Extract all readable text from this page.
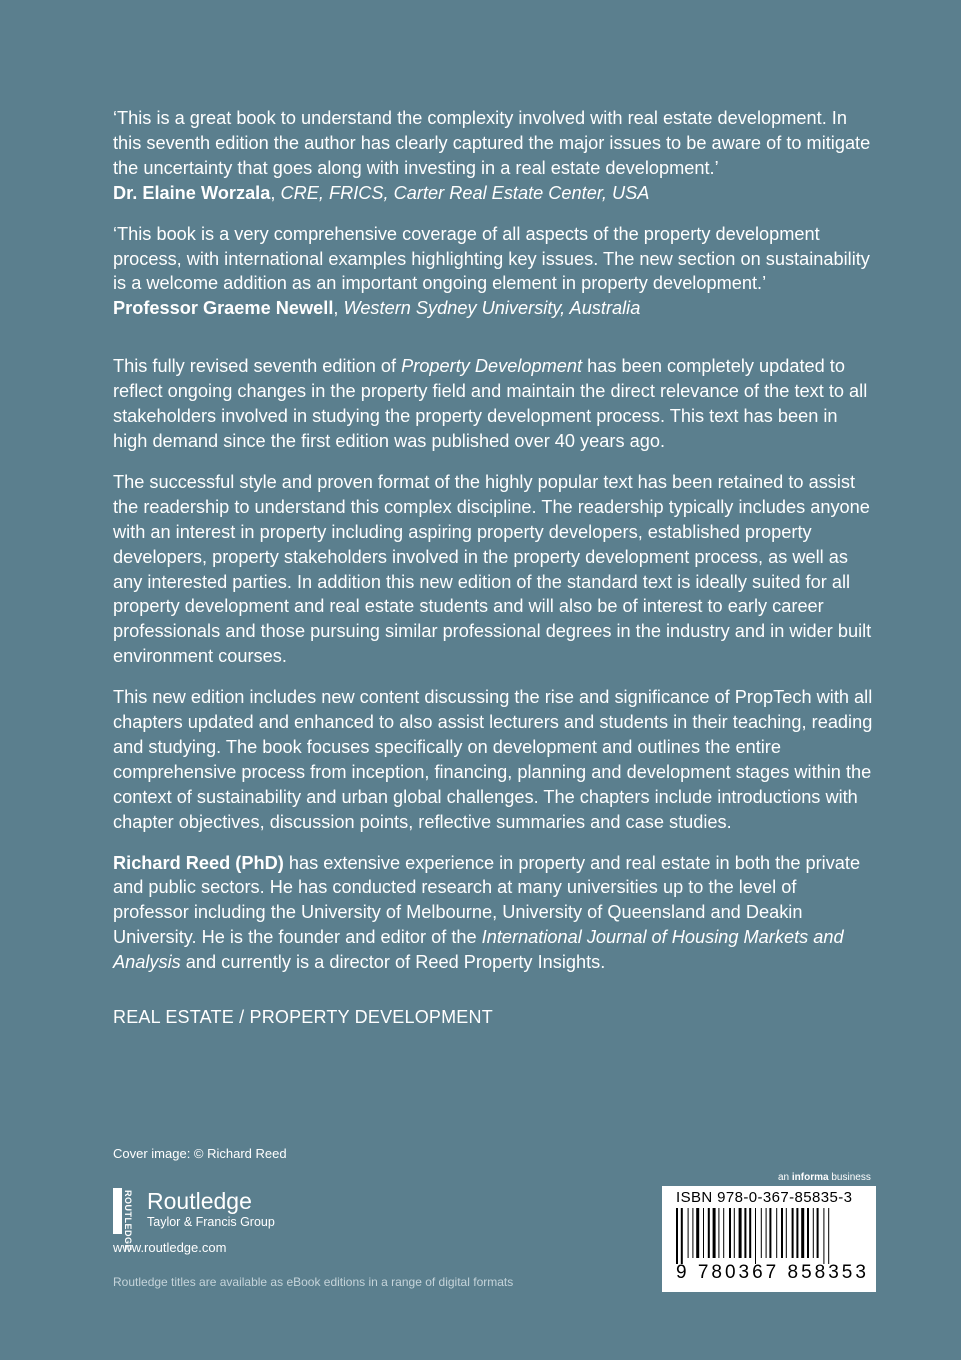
‘This is a great book to understand the complexity involved with real estate development. In this seventh edition the author has clearly captured the major issues to be aware of to mitigate the uncertainty that goes along with investing in a real estate development.’
Dr. Elaine Worzala, CRE, FRICS, Carter Real Estate Center, USA

‘This book is a very comprehensive coverage of all aspects of the property development process, with international examples highlighting key issues. The new section on sustainability is a welcome addition as an important ongoing element in property development.’
Professor Graeme Newell, Western Sydney University, Australia

This fully revised seventh edition of Property Development has been completely updated to reflect ongoing changes in the property field and maintain the direct relevance of the text to all stakeholders involved in studying the property development process. This text has been in high demand since the first edition was published over 40 years ago.

The successful style and proven format of the highly popular text has been retained to assist the readership to understand this complex discipline. The readership typically includes anyone with an interest in property including aspiring property developers, established property developers, property stakeholders involved in the property development process, as well as any interested parties. In addition this new edition of the standard text is ideally suited for all property development and real estate students and will also be of interest to early career professionals and those pursuing similar professional degrees in the industry and in wider built environment courses.

This new edition includes new content discussing the rise and significance of PropTech with all chapters updated and enhanced to also assist lecturers and students in their teaching, reading and studying. The book focuses specifically on development and outlines the entire comprehensive process from inception, financing, planning and development stages within the context of sustainability and urban global challenges. The chapters include introductions with chapter objectives, discussion points, reflective summaries and case studies.

Richard Reed (PhD) has extensive experience in property and real estate in both the private and public sectors. He has conducted research at many universities up to the level of professor including the University of Melbourne, University of Queensland and Deakin University. He is the founder and editor of the International Journal of Housing Markets and Analysis and currently is a director of Reed Property Insights.

REAL ESTATE / PROPERTY DEVELOPMENT

Cover image: © Richard Reed
ROUTLEDGE Routledge
Taylor & Francis Group
www.routledge.com
Routledge titles are available as eBook editions in a range of digital formats
an informa business
ISBN 978-0-367-85835-3
9 780367 858353
